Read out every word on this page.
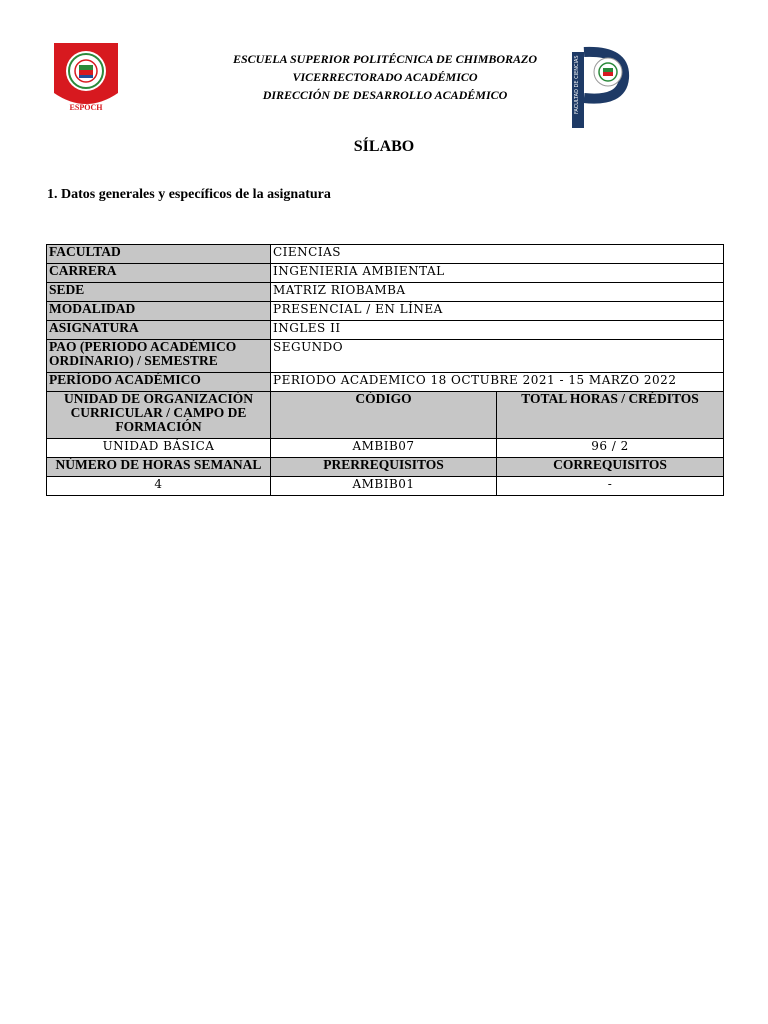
ESPOCH
ESCUELA SUPERIOR POLITÉCNICA DE CHIMBORAZO
VICERRECTORADO ACADÉMICO
DIRECCIÓN DE DESARROLLO ACADÉMICO	FACULTAD DE CIENCIAS
SÍLABO
1. Datos generales y específicos de la asignatura
FACULTAD	CIENCIAS	
CARRERA	INGENIERIA AMBIENTAL	
SEDE	MATRIZ RIOBAMBA	
MODALIDAD	PRESENCIAL / EN LÍNEA	
ASIGNATURA	INGLES II	
PAO (PERIODO ACADÉMICO ORDINARIO) / SEMESTRE	SEGUNDO	
PERÍODO ACADÉMICO	PERIODO ACADEMICO 18 OCTUBRE 2021 - 15 MARZO 2022	
UNIDAD DE ORGANIZACIÓN CURRICULAR / CAMPO DE FORMACIÓN	CÓDIGO	TOTAL HORAS / CRÉDITOS
UNIDAD BÁSICA	AMBIB07	96 / 2
NÚMERO DE HORAS SEMANAL	PRERREQUISITOS	CORREQUISITOS
4	AMBIB01	-
